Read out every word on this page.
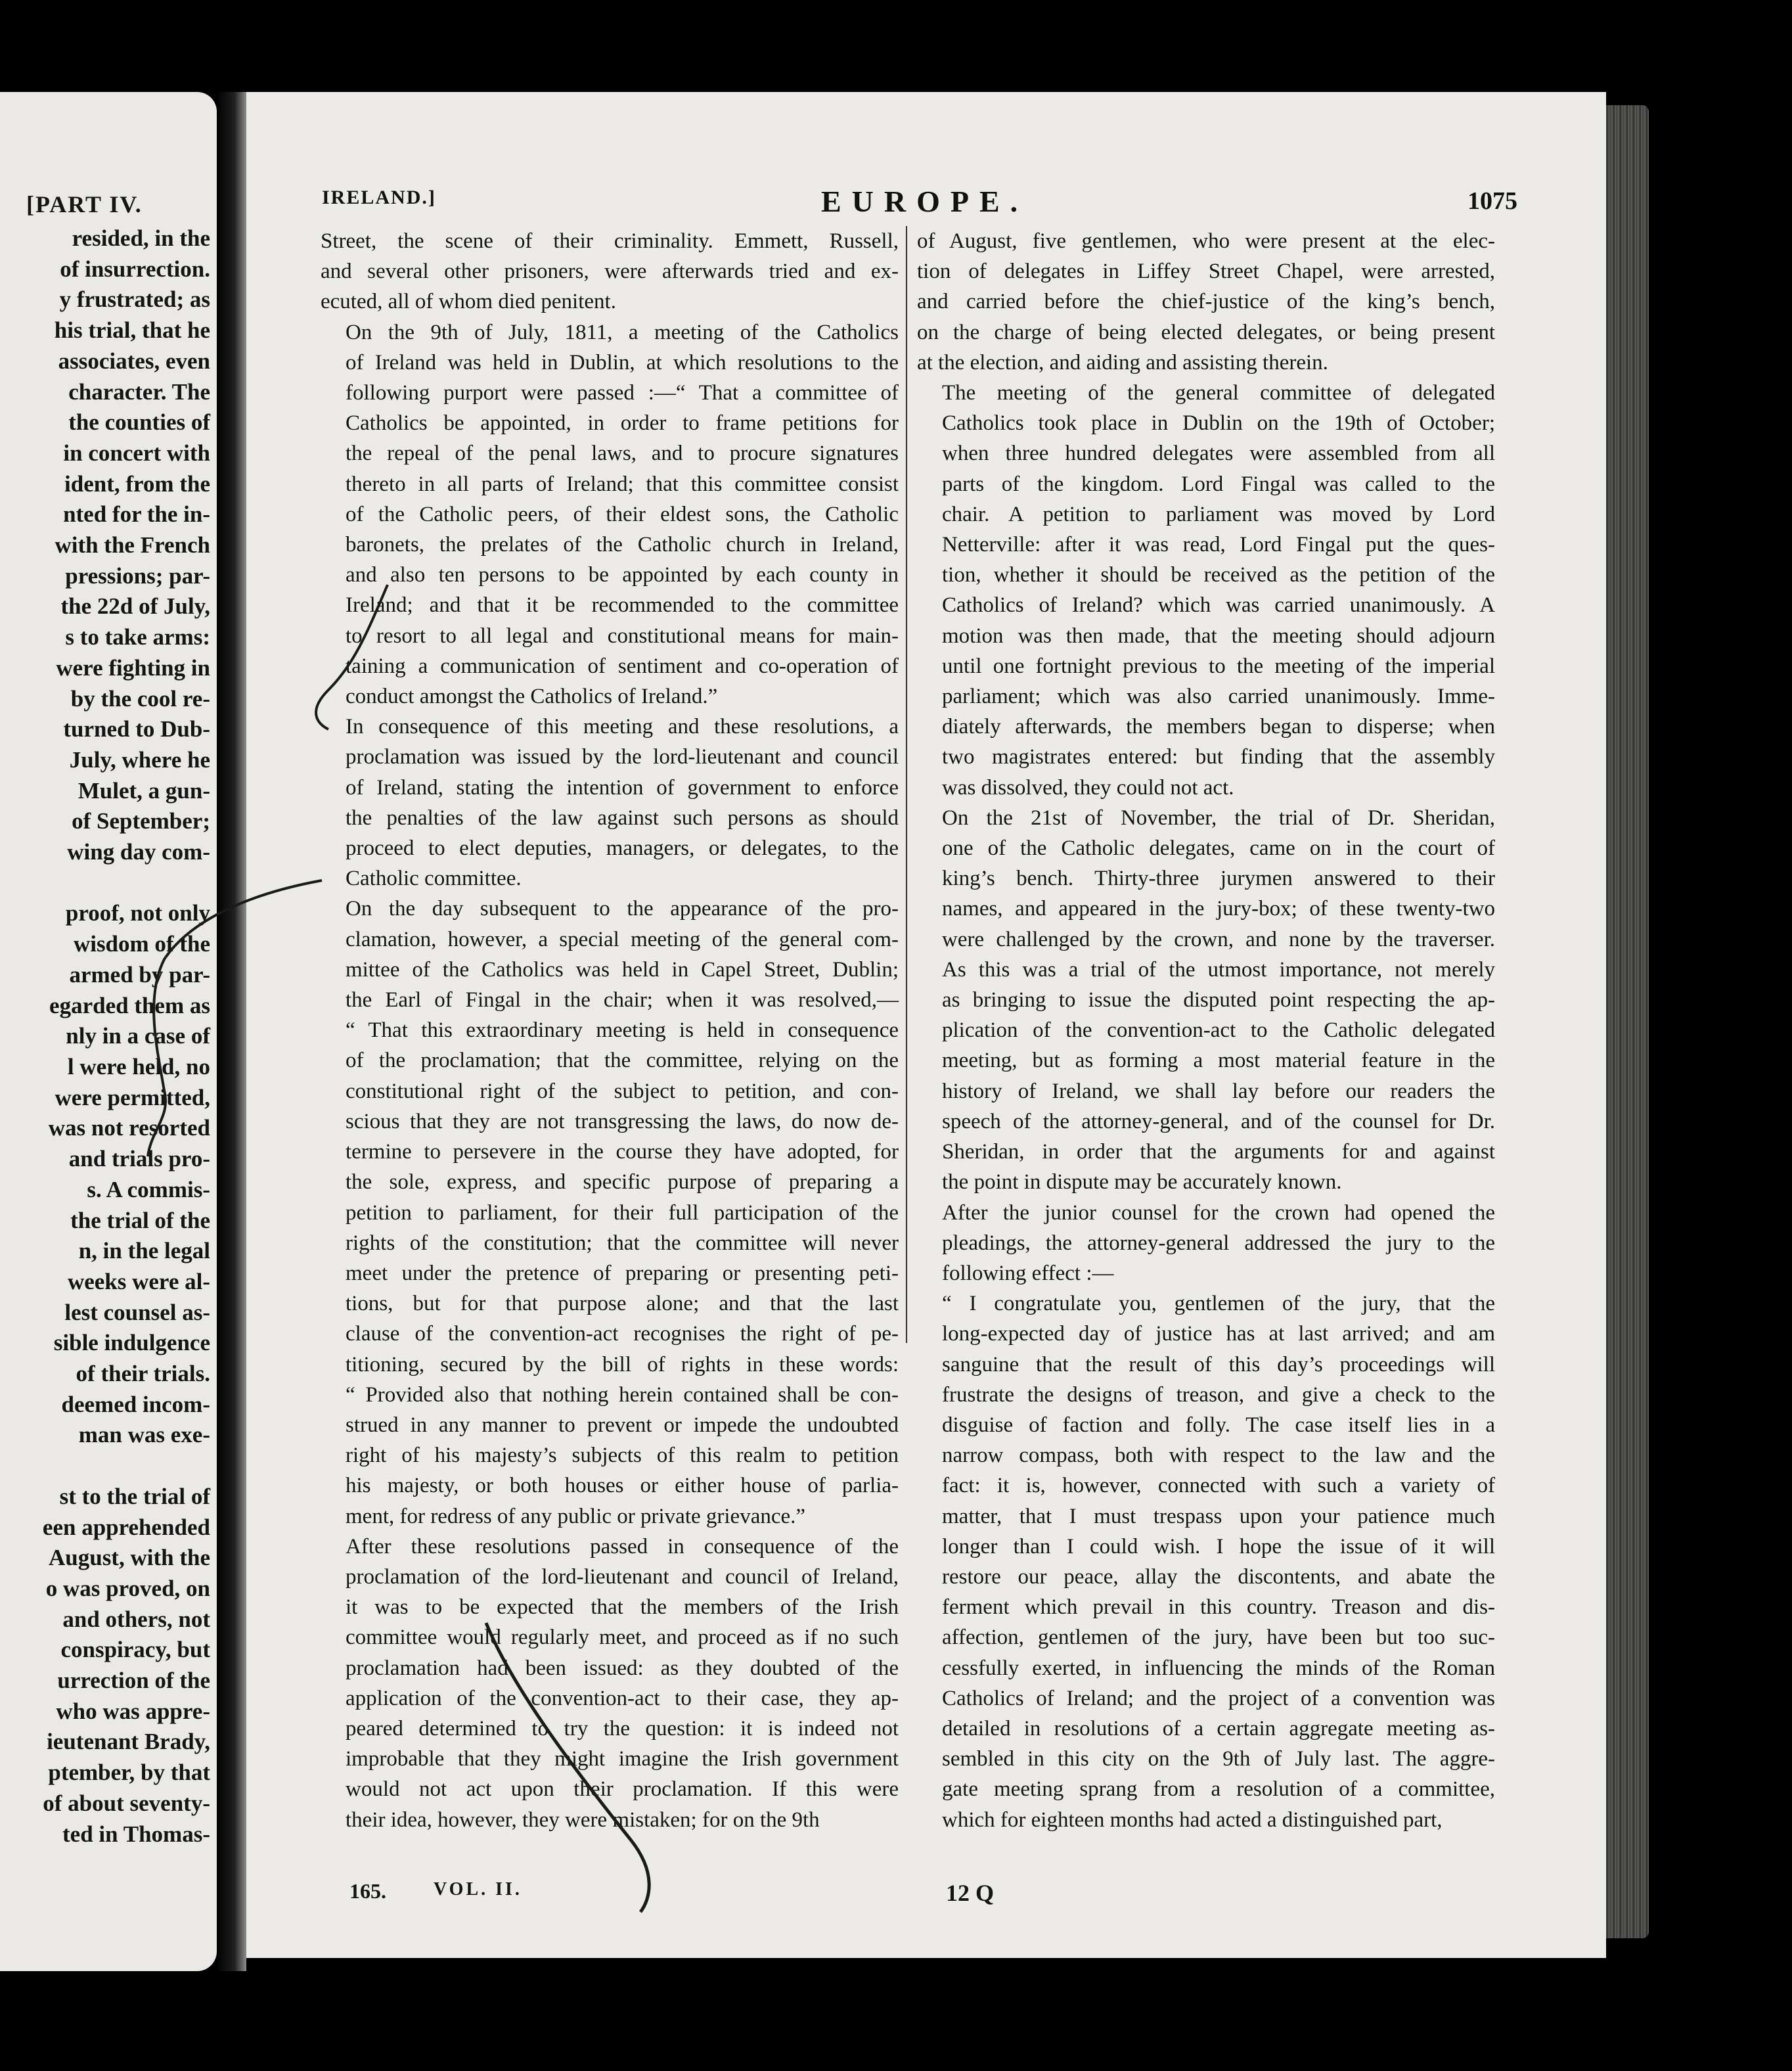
[PART IV.
resided, in the
of insurrection.
y frustrated; as
his trial, that he
associates, even
character. The
the counties of
in concert with
ident, from the
nted for the in-
with the French
pressions; par-
the 22d of July,
s to take arms:
were fighting in
by the cool re-
turned to Dub-
July, where he
Mulet, a gun-
of September;
wing day com-

proof, not only
wisdom of the
armed by par-
egarded them as
nly in a case of
l were held, no
were permitted,
was not resorted
and trials pro-
s. A commis-
the trial of the
n, in the legal
weeks were al-
lest counsel as-
sible indulgence
of their trials.
deemed incom-
man was exe-

st to the trial of
een apprehended
August, with the
o was proved, on
and others, not
conspiracy, but
urrection of the
who was appre-
ieutenant Brady,
ptember, by that
of about seventy-
ted in Thomas-
IRELAND.]	EUROPE.	1075

Street, the scene of their criminality. Emmett, Russell,
and several other prisoners, were afterwards tried and ex-
ecuted, all of whom died penitent.

On the 9th of July, 1811, a meeting of the Catholics
of Ireland was held in Dublin, at which resolutions to the
following purport were passed :—“ That a committee of
Catholics be appointed, in order to frame petitions for
the repeal of the penal laws, and to procure signatures
thereto in all parts of Ireland; that this committee consist
of the Catholic peers, of their eldest sons, the Catholic
baronets, the prelates of the Catholic church in Ireland,
and also ten persons to be appointed by each county in
Ireland; and that it be recommended to the committee
to resort to all legal and constitutional means for main-
taining a communication of sentiment and co-operation of
conduct amongst the Catholics of Ireland.”

In consequence of this meeting and these resolutions, a
proclamation was issued by the lord-lieutenant and council
of Ireland, stating the intention of government to enforce
the penalties of the law against such persons as should
proceed to elect deputies, managers, or delegates, to the
Catholic committee.

On the day subsequent to the appearance of the pro-
clamation, however, a special meeting of the general com-
mittee of the Catholics was held in Capel Street, Dublin;
the Earl of Fingal in the chair; when it was resolved,—
“ That this extraordinary meeting is held in consequence
of the proclamation; that the committee, relying on the
constitutional right of the subject to petition, and con-
scious that they are not transgressing the laws, do now de-
termine to persevere in the course they have adopted, for
the sole, express, and specific purpose of preparing a
petition to parliament, for their full participation of the
rights of the constitution; that the committee will never
meet under the pretence of preparing or presenting peti-
tions, but for that purpose alone; and that the last
clause of the convention-act recognises the right of pe-
titioning, secured by the bill of rights in these words:
“ Provided also that nothing herein contained shall be con-
strued in any manner to prevent or impede the undoubted
right of his majesty’s subjects of this realm to petition
his majesty, or both houses or either house of parlia-
ment, for redress of any public or private grievance.”

After these resolutions passed in consequence of the
proclamation of the lord-lieutenant and council of Ireland,
it was to be expected that the members of the Irish
committee would regularly meet, and proceed as if no such
proclamation had been issued: as they doubted of the
application of the convention-act to their case, they ap-
peared determined to try the question: it is indeed not
improbable that they might imagine the Irish government
would not act upon their proclamation. If this were
their idea, however, they were mistaken; for on the 9th

of August, five gentlemen, who were present at the elec-
tion of delegates in Liffey Street Chapel, were arrested,
and carried before the chief-justice of the king’s bench,
on the charge of being elected delegates, or being present
at the election, and aiding and assisting therein.

The meeting of the general committee of delegated
Catholics took place in Dublin on the 19th of October;
when three hundred delegates were assembled from all
parts of the kingdom. Lord Fingal was called to the
chair. A petition to parliament was moved by Lord
Netterville: after it was read, Lord Fingal put the ques-
tion, whether it should be received as the petition of the
Catholics of Ireland? which was carried unanimously. A
motion was then made, that the meeting should adjourn
until one fortnight previous to the meeting of the imperial
parliament; which was also carried unanimously. Imme-
diately afterwards, the members began to disperse; when
two magistrates entered: but finding that the assembly
was dissolved, they could not act.

On the 21st of November, the trial of Dr. Sheridan,
one of the Catholic delegates, came on in the court of
king’s bench. Thirty-three jurymen answered to their
names, and appeared in the jury-box; of these twenty-two
were challenged by the crown, and none by the traverser.
As this was a trial of the utmost importance, not merely
as bringing to issue the disputed point respecting the ap-
plication of the convention-act to the Catholic delegated
meeting, but as forming a most material feature in the
history of Ireland, we shall lay before our readers the
speech of the attorney-general, and of the counsel for Dr.
Sheridan, in order that the arguments for and against
the point in dispute may be accurately known.

After the junior counsel for the crown had opened the
pleadings, the attorney-general addressed the jury to the
following effect :—

“ I congratulate you, gentlemen of the jury, that the
long-expected day of justice has at last arrived; and am
sanguine that the result of this day’s proceedings will
frustrate the designs of treason, and give a check to the
disguise of faction and folly. The case itself lies in a
narrow compass, both with respect to the law and the
fact: it is, however, connected with such a variety of
matter, that I must trespass upon your patience much
longer than I could wish. I hope the issue of it will
restore our peace, allay the discontents, and abate the
ferment which prevail in this country. Treason and dis-
affection, gentlemen of the jury, have been but too suc-
cessfully exerted, in influencing the minds of the Roman
Catholics of Ireland; and the project of a convention was
detailed in resolutions of a certain aggregate meeting as-
sembled in this city on the 9th of July last. The aggre-
gate meeting sprang from a resolution of a committee,
which for eighteen months had acted a distinguished part,

165.	VOL. II.	12 Q
